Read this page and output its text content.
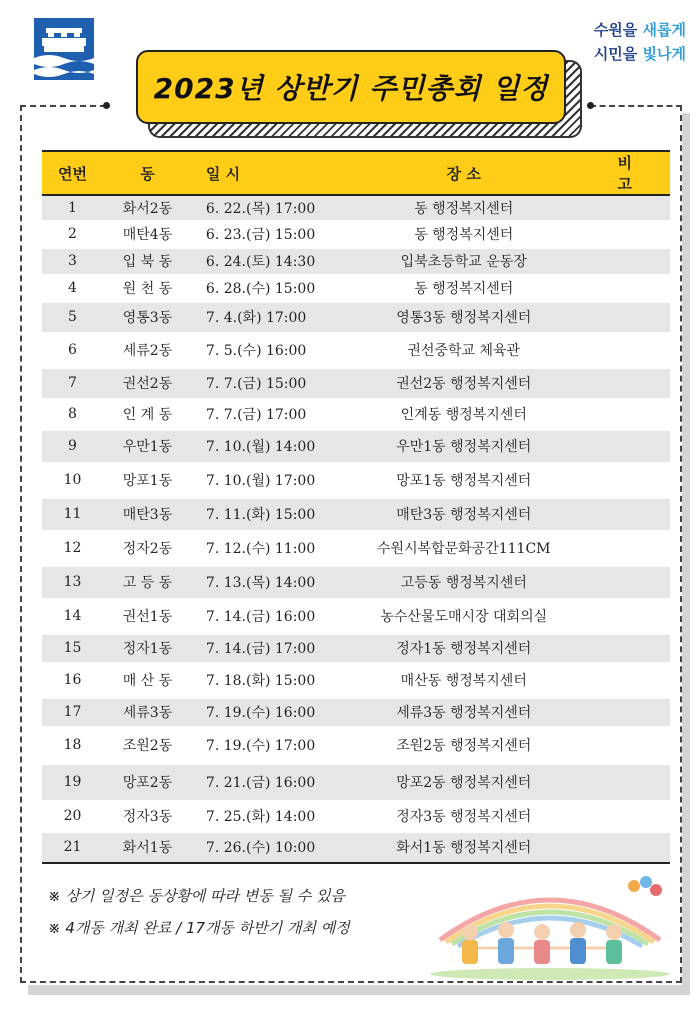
수원을 새롭게
시민을 빛나게
2023년 상반기 주민총회 일정
연번	동	일 시	장 소	비고
1	화서2동	6. 22.(목) 17:00	동 행정복지센터	
2	매탄4동	6. 23.(금) 15:00	동 행정복지센터	
3	입 북 동	6. 24.(토) 14:30	입북초등학교 운동장	
4	원 천 동	6. 28.(수) 15:00	동 행정복지센터	
5	영통3동	7. 4.(화) 17:00	영통3동 행정복지센터	
6	세류2동	7. 5.(수) 16:00	권선중학교 체육관	
7	권선2동	7. 7.(금) 15:00	권선2동 행정복지센터	
8	인 계 동	7. 7.(금) 17:00	인계동 행정복지센터	
9	우만1동	7. 10.(월) 14:00	우만1동 행정복지센터	
10	망포1동	7. 10.(월) 17:00	망포1동 행정복지센터	
11	매탄3동	7. 11.(화) 15:00	매탄3동 행정복지센터	
12	정자2동	7. 12.(수) 11:00	수원시복합문화공간111CM	
13	고 등 동	7. 13.(목) 14:00	고등동 행정복지센터	
14	권선1동	7. 14.(금) 16:00	농수산물도매시장 대회의실	
15	정자1동	7. 14.(금) 17:00	정자1동 행정복지센터	
16	매 산 동	7. 18.(화) 15:00	매산동 행정복지센터	
17	세류3동	7. 19.(수) 16:00	세류3동 행정복지센터	
18	조원2동	7. 19.(수) 17:00	조원2동 행정복지센터	
19	망포2동	7. 21.(금) 16:00	망포2동 행정복지센터	
20	정자3동	7. 25.(화) 14:00	정자3동 행정복지센터	
21	화서1동	7. 26.(수) 10:00	화서1동 행정복지센터	
※ 상기 일정은 동상황에 따라 변동 될 수 있음
※ 4개동 개최 완료 / 17개동 하반기 개최 예정
